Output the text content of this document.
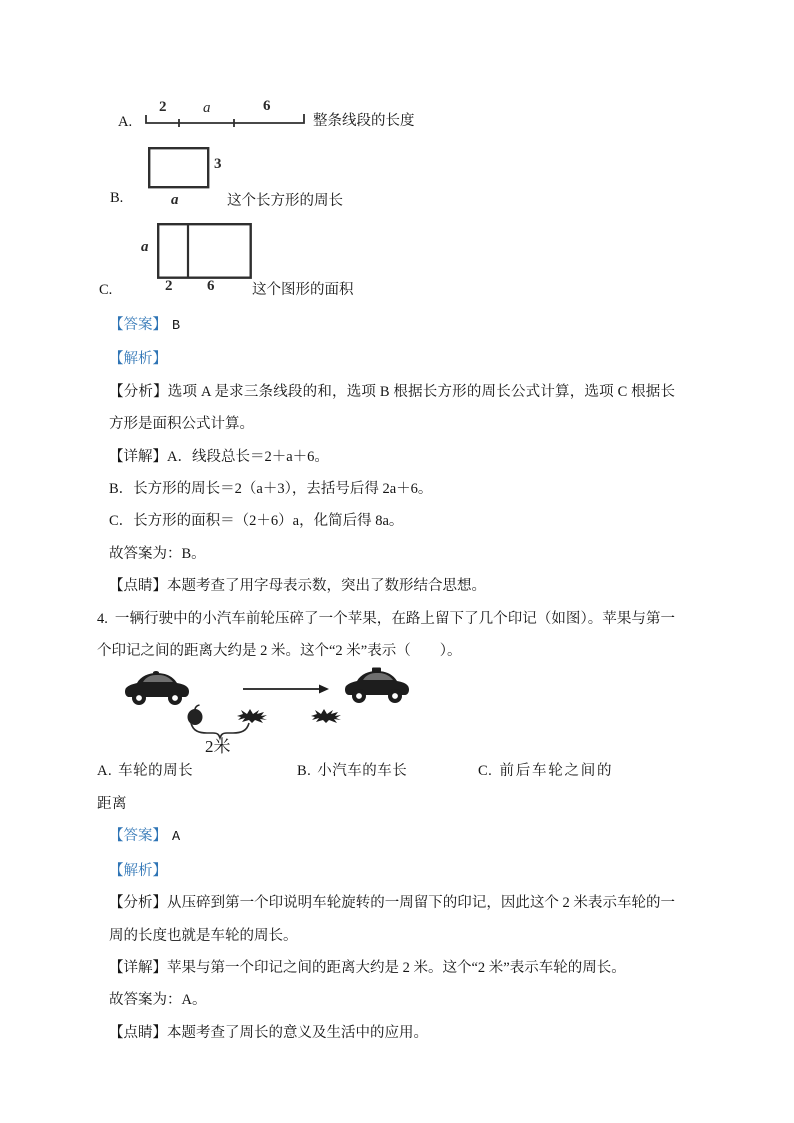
A.
2 a	6
整条线段的长度
3
B.	a	这个长方形的周长
a
C.	2 6	这个图形的面积

【答案】 B

【解析】

【分析】选项 A 是求三条线段的和，选项 B 根据长方形的周长公式计算，选项 C 根据长方形是面积公式计算。

【详解】A．线段总长＝2＋a＋6。

B．长方形的周长＝2（a＋3），去括号后得 2a＋6。

C．长方形的面积＝（2＋6）a，化简后得 8a。

故答案为：B。

【点睛】本题考查了用字母表示数，突出了数形结合思想。

4. 一辆行驶中的小汽车前轮压碎了一个苹果，在路上留下了几个印记（如图）。苹果与第一个印记之间的距离大约是 2 米。这个“2 米”表示（　　）。

2米

A. 车轮的周长	B. 小汽车的车长	C. 前后车轮之间的距离

【答案】 A

【解析】

【分析】从压碎到第一个印说明车轮旋转的一周留下的印记，因此这个 2 米表示车轮的一周的长度也就是车轮的周长。

【详解】苹果与第一个印记之间的距离大约是 2 米。这个“2 米”表示车轮的周长。

故答案为：A。

【点睛】本题考查了周长的意义及生活中的应用。
